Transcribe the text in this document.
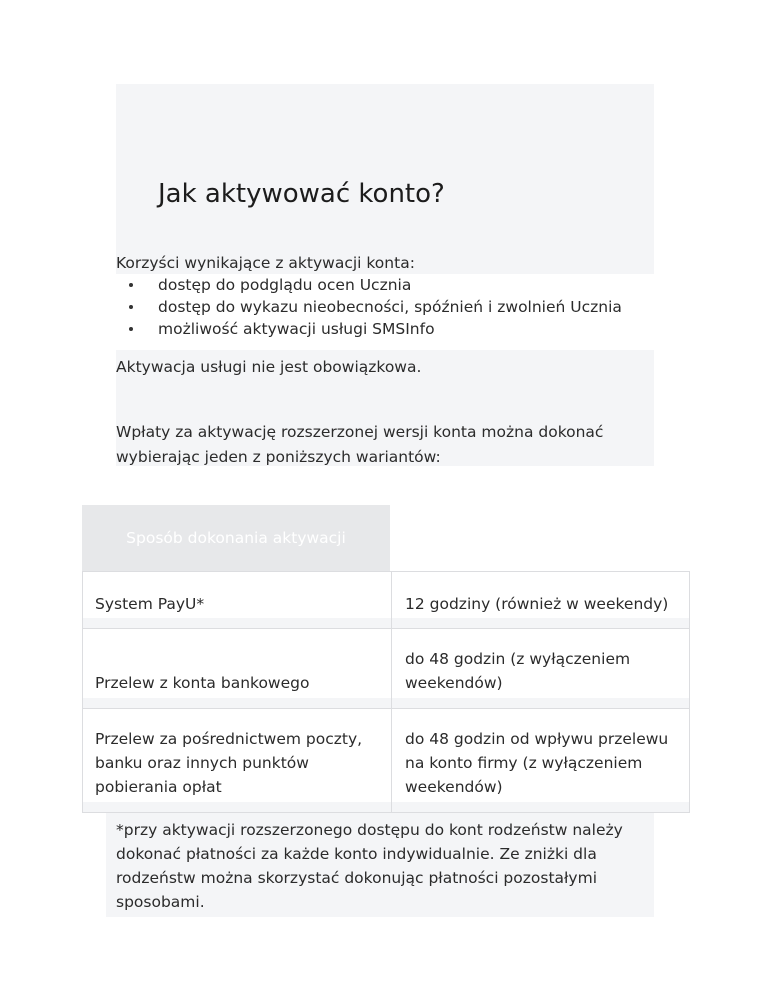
Jak aktywować konto?

Korzyści wynikające z aktywacji konta:

dostęp do podglądu ocen Ucznia
dostęp do wykazu nieobecności, spóźnień i zwolnień Ucznia
możliwość aktywacji usługi SMSInfo

Aktywacja usługi nie jest obowiązkowa.

Wpłaty za aktywację rozszerzonej wersji konta można dokonać wybierając jeden z poniższych wariantów:

Sposób dokonania aktywacji
System PayU*	12 godziny (również w weekendy)
Przelew z konta bankowego
do 48 godzin (z wyłączeniem weekendów)
Przelew za pośrednictwem poczty, banku oraz innych punktów pobierania opłat
do 48 godzin od wpływu przelewu na konto firmy (z wyłączeniem weekendów)

*przy aktywacji rozszerzonego dostępu do kont rodzeństw należy dokonać płatności za każde konto indywidualnie. Ze zniżki dla rodzeństw można skorzystać dokonując płatności pozostałymi sposobami.
